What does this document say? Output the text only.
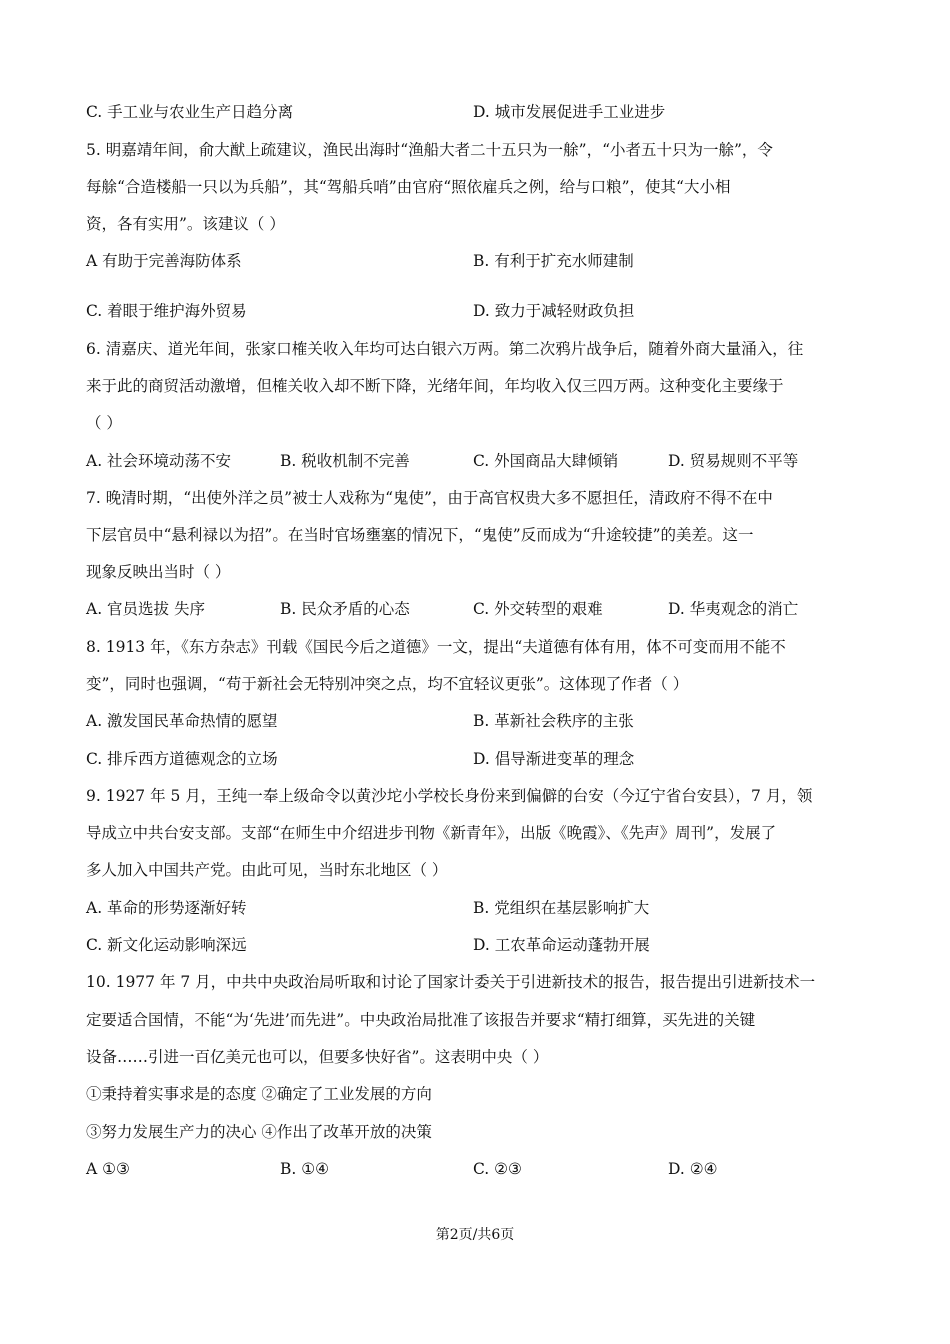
C. 手工业与农业生产日趋分离	D. 城市发展促进手工业进步
5. 明嘉靖年间，俞大猷上疏建议，渔民出海时“渔船大者二十五只为一艅”，“小者五十只为一艅”，令
每艅“合造楼船一只以为兵船”，其“驾船兵哨”由官府“照依雇兵之例，给与口粮”，使其“大小相
资，各有实用”。该建议（ ）
A 有助于完善海防体系	B. 有利于扩充水师建制
C. 着眼于维护海外贸易	D. 致力于减轻财政负担
6. 清嘉庆、道光年间，张家口榷关收入年均可达白银六万两。第二次鸦片战争后，随着外商大量涌入，往
来于此的商贸活动激增，但榷关收入却不断下降，光绪年间，年均收入仅三四万两。这种变化主要缘于
（ ）
A. 社会环境动荡不安	B. 税收机制不完善	C. 外国商品大肆倾销	D. 贸易规则不平等
7. 晚清时期，“出使外洋之员”被士人戏称为“鬼使”，由于高官权贵大多不愿担任，清政府不得不在中
下层官员中“悬利禄以为招”。在当时官场壅塞的情况下，“鬼使”反而成为“升途较捷”的美差。这一
现象反映出当时（ ）
A. 官员选拔 失序	B. 民众矛盾的心态	C. 外交转型的艰难	D. 华夷观念的消亡
8. 1913 年，《东方杂志》刊载《国民今后之道德》一文，提出“夫道德有体有用，体不可变而用不能不
变”，同时也强调，“苟于新社会无特别冲突之点，均不宜轻议更张”。这体现了作者（ ）
A. 激发国民革命热情的愿望	B. 革新社会秩序的主张
C. 排斥西方道德观念的立场	D. 倡导渐进变革的理念
9. 1927 年 5 月，王纯一奉上级命令以黄沙坨小学校长身份来到偏僻的台安（今辽宁省台安县），7 月，领
导成立中共台安支部。支部“在师生中介绍进步刊物《新青年》，出版《晚霞》、《先声》周刊”，发展了
多人加入中国共产党。由此可见，当时东北地区（ ）
A. 革命的形势逐渐好转	B. 党组织在基层影响扩大
C. 新文化运动影响深远	D. 工农革命运动蓬勃开展
10. 1977 年 7 月，中共中央政治局听取和讨论了国家计委关于引进新技术的报告，报告提出引进新技术一
定要适合国情，不能“为‘先进’而先进”。中央政治局批准了该报告并要求“精打细算，买先进的关键
设备……引进一百亿美元也可以，但要多快好省”。这表明中央（ ）
①秉持着实事求是的态度 ②确定了工业发展的方向
③努力发展生产力的决心 ④作出了改革开放的决策
A ①③	B. ①④	C. ②③	D. ②④
第2页/共6页
